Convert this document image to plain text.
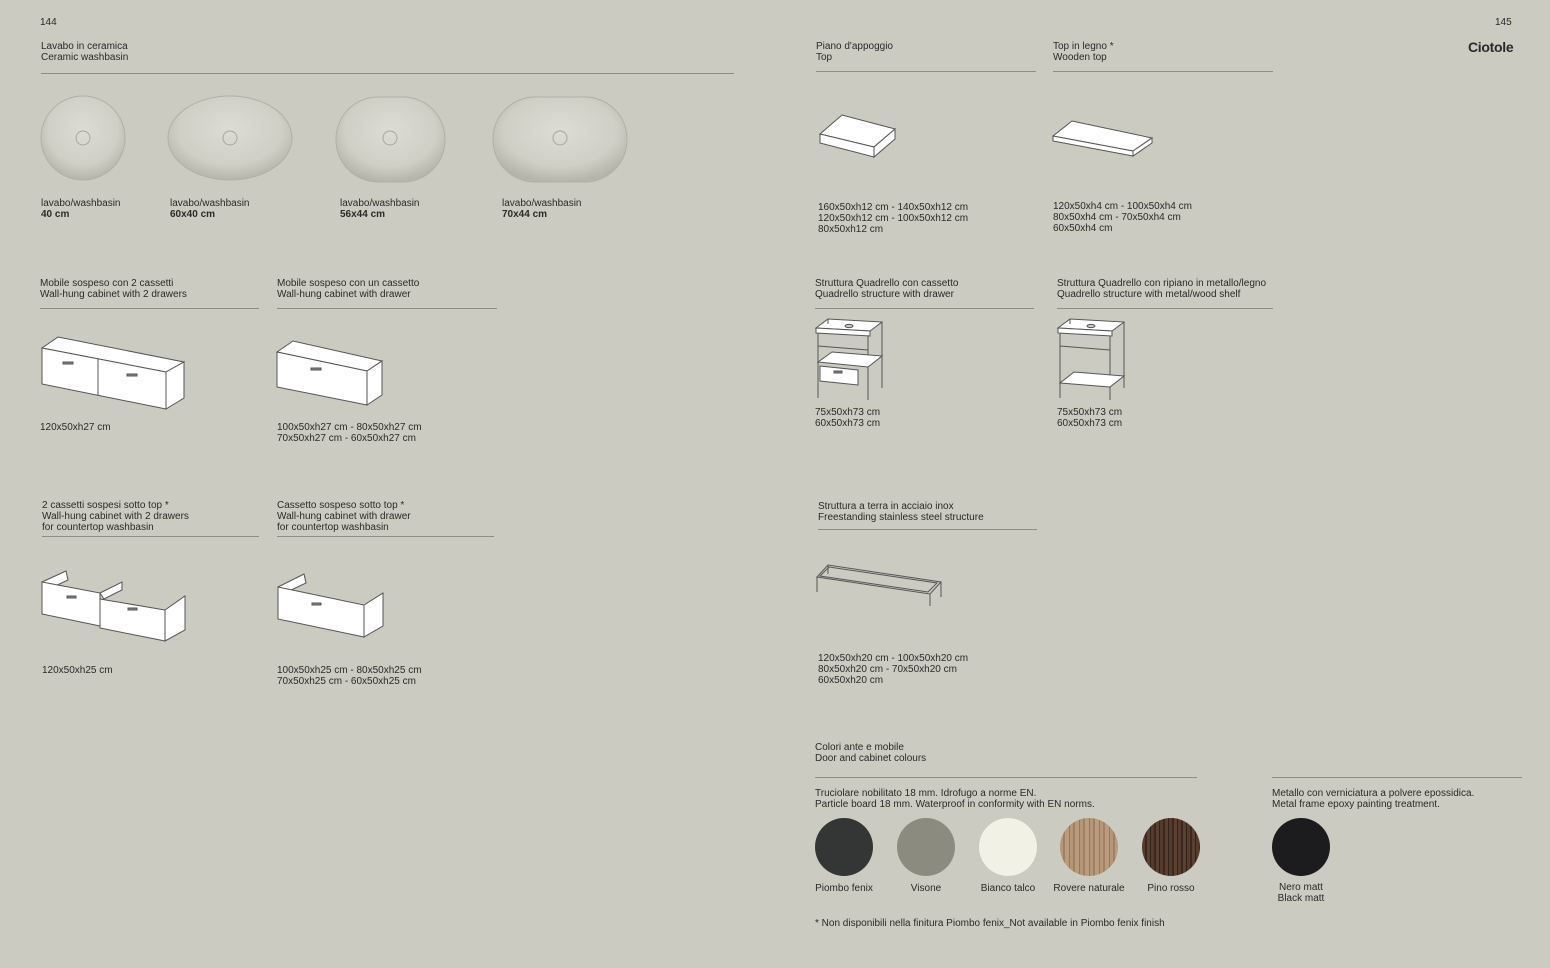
144	145
Ciotole
Lavabo in ceramica
Ceramic washbasin
lavabo/washbasin
40 cm
lavabo/washbasin
60x40 cm
lavabo/washbasin
56x44 cm
lavabo/washbasin
70x44 cm
Mobile sospeso con 2 cassetti
Wall-hung cabinet with 2 drawers
Mobile sospeso con un cassetto
Wall-hung cabinet with drawer
120x50xh27 cm	100x50xh27 cm - 80x50xh27 cm
70x50xh27 cm - 60x50xh27 cm
2 cassetti sospesi sotto top *
Wall-hung cabinet with 2 drawers
for countertop washbasin
Cassetto sospeso sotto top *
Wall-hung cabinet with drawer
for countertop washbasin
120x50xh25 cm	100x50xh25 cm - 80x50xh25 cm
70x50xh25 cm - 60x50xh25 cm
Piano d'appoggio
Top
Top in legno *
Wooden top
160x50xh12 cm - 140x50xh12 cm
120x50xh12 cm - 100x50xh12 cm
80x50xh12 cm
120x50xh4 cm - 100x50xh4 cm
80x50xh4 cm - 70x50xh4 cm
60x50xh4 cm
Struttura Quadrello con cassetto
Quadrello structure with drawer
Struttura Quadrello con ripiano in metallo/legno
Quadrello structure with metal/wood shelf
75x50xh73 cm
60x50xh73 cm
75x50xh73 cm
60x50xh73 cm
Struttura a terra in acciaio inox
Freestanding stainless steel structure
120x50xh20 cm - 100x50xh20 cm
80x50xh20 cm - 70x50xh20 cm
60x50xh20 cm
Colori ante e mobile
Door and cabinet colours
Truciolare nobilitato 18 mm. Idrofugo a norme EN.
Particle board 18 mm. Waterproof in conformity with EN norms.
Metallo con verniciatura a polvere epossidica.
Metal frame epoxy painting treatment.
Piombo fenix	Visone	Bianco talco	Rovere naturale	Pino rosso	Nero matt
Black matt
* Non disponibili nella finitura Piombo fenix_Not available in Piombo fenix finish
